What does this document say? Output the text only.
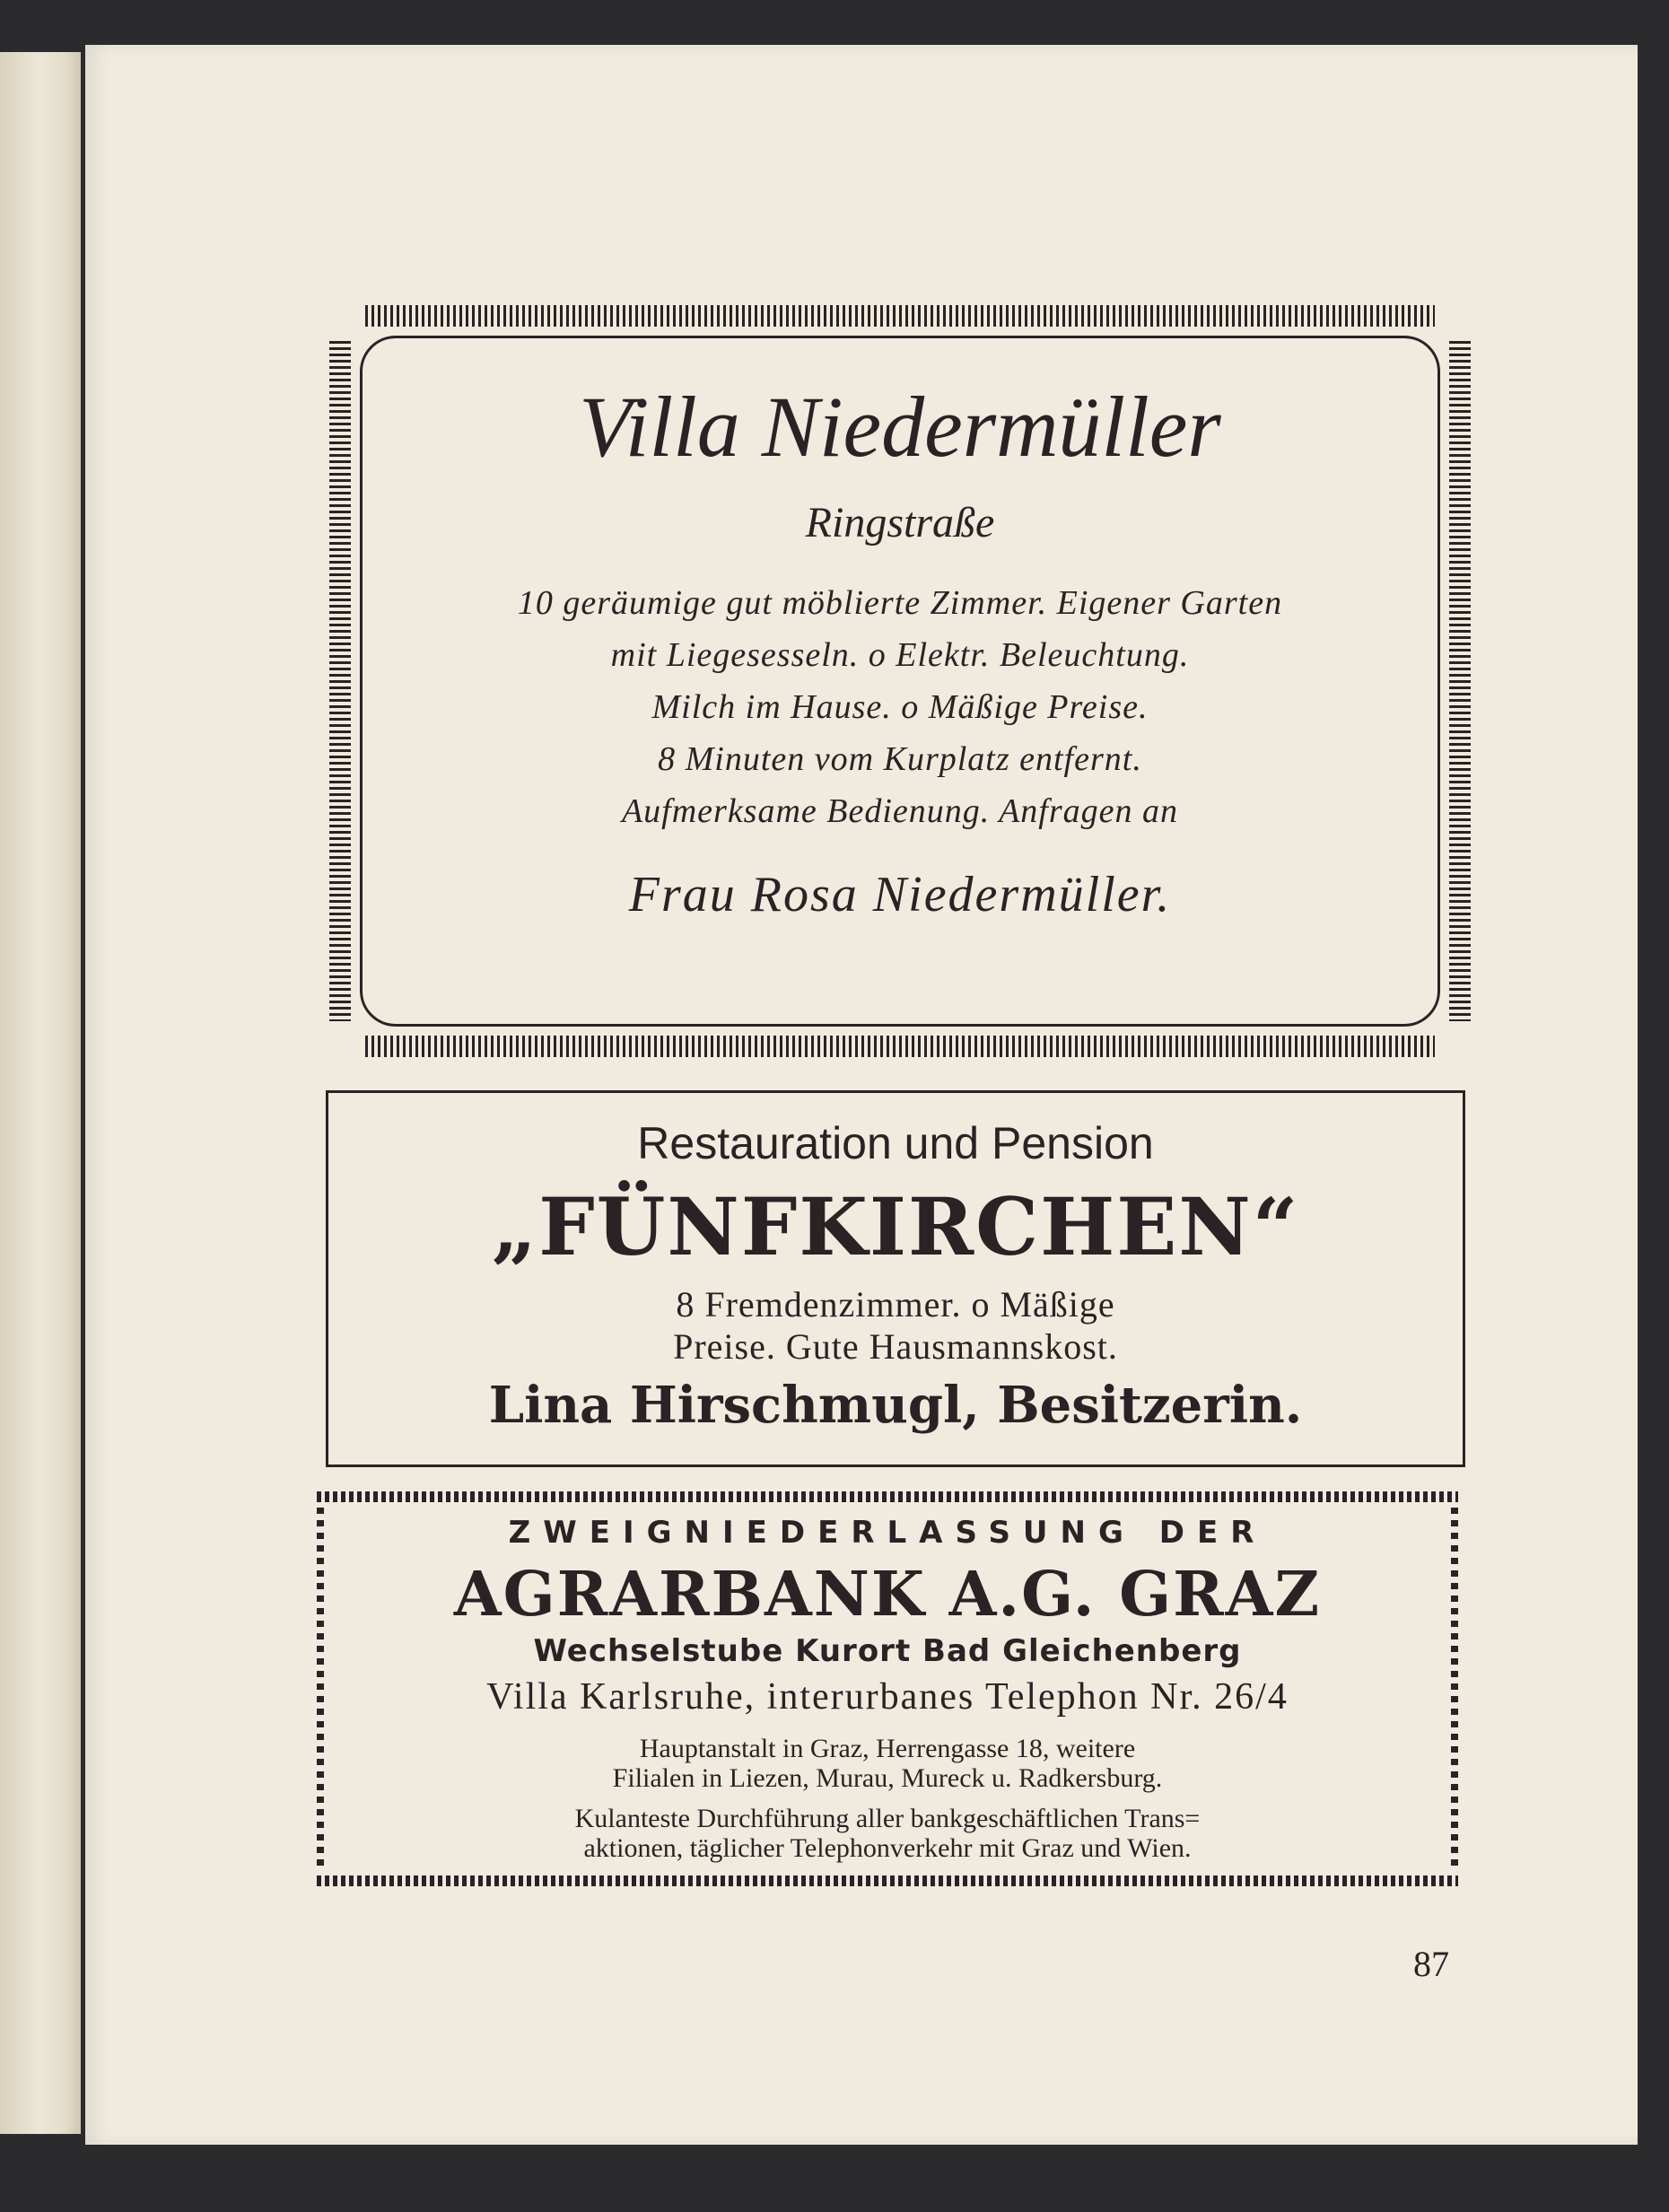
Villa Niedermüller
Ringstraße
10 geräumige gut möblierte Zimmer. Eigener Garten
mit Liegesesseln. o Elektr. Beleuchtung.
Milch im Hause. o Mäßige Preise.
8 Minuten vom Kurplatz entfernt.
Aufmerksame Bedienung. Anfragen an
Frau Rosa Niedermüller.
Restauration und Pension
„FÜNFKIRCHEN“
8 Fremdenzimmer. o Mäßige
Preise. Gute Hausmannskost.
Lina Hirschmugl, Besitzerin.
ZWEIGNIEDERLASSUNG DER
AGRARBANK A.G. GRAZ
Wechselstube Kurort Bad Gleichenberg
Villa Karlsruhe, interurbanes Telephon Nr. 26/4
Hauptanstalt in Graz, Herrengasse 18, weitere
Filialen in Liezen, Murau, Mureck u. Radkersburg.
Kulanteste Durchführung aller bankgeschäftlichen Trans=
aktionen, täglicher Telephonverkehr mit Graz und Wien.
87
